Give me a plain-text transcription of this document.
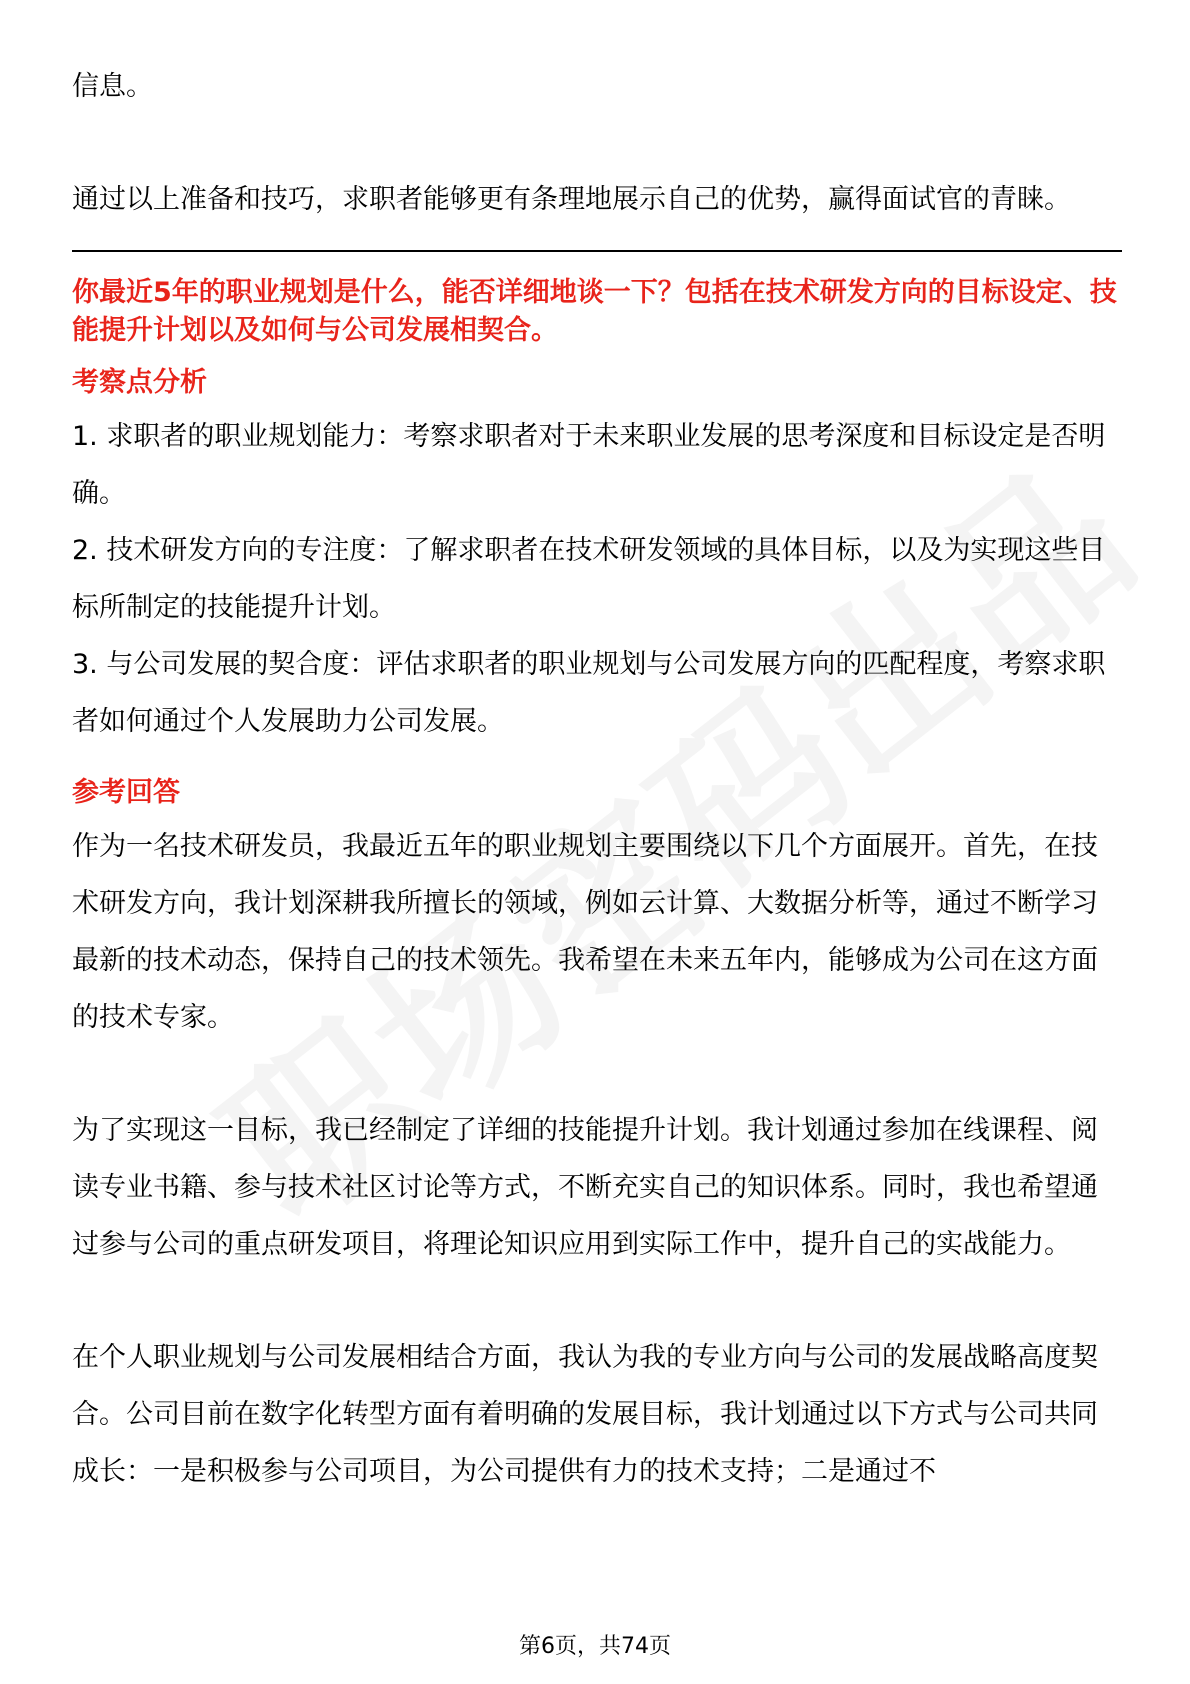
信息。

通过以上准备和技巧，求职者能够更有条理地展示自己的优势，赢得面试官的青睐。

你最近5年的职业规划是什么，能否详细地谈一下？包括在技术研发方向的目标设定、技能提升计划以及如何与公司发展相契合。

考察点分析

1. 求职者的职业规划能力：考察求职者对于未来职业发展的思考深度和目标设定是否明确。

2. 技术研发方向的专注度：了解求职者在技术研发领域的具体目标，以及为实现这些目标所制定的技能提升计划。

3. 与公司发展的契合度：评估求职者的职业规划与公司发展方向的匹配程度，考察求职者如何通过个人发展助力公司发展。

参考回答

作为一名技术研发员，我最近五年的职业规划主要围绕以下几个方面展开。首先，在技术研发方向，我计划深耕我所擅长的领域，例如云计算、大数据分析等，通过不断学习最新的技术动态，保持自己的技术领先。我希望在未来五年内，能够成为公司在这方面的技术专家。

为了实现这一目标，我已经制定了详细的技能提升计划。我计划通过参加在线课程、阅读专业书籍、参与技术社区讨论等方式，不断充实自己的知识体系。同时，我也希望通过参与公司的重点研发项目，将理论知识应用到实际工作中，提升自己的实战能力。

在个人职业规划与公司发展相结合方面，我认为我的专业方向与公司的发展战略高度契合。公司目前在数字化转型方面有着明确的发展目标，我计划通过以下方式与公司共同成长：一是积极参与公司项目，为公司提供有力的技术支持；二是通过不

第6页，共74页
